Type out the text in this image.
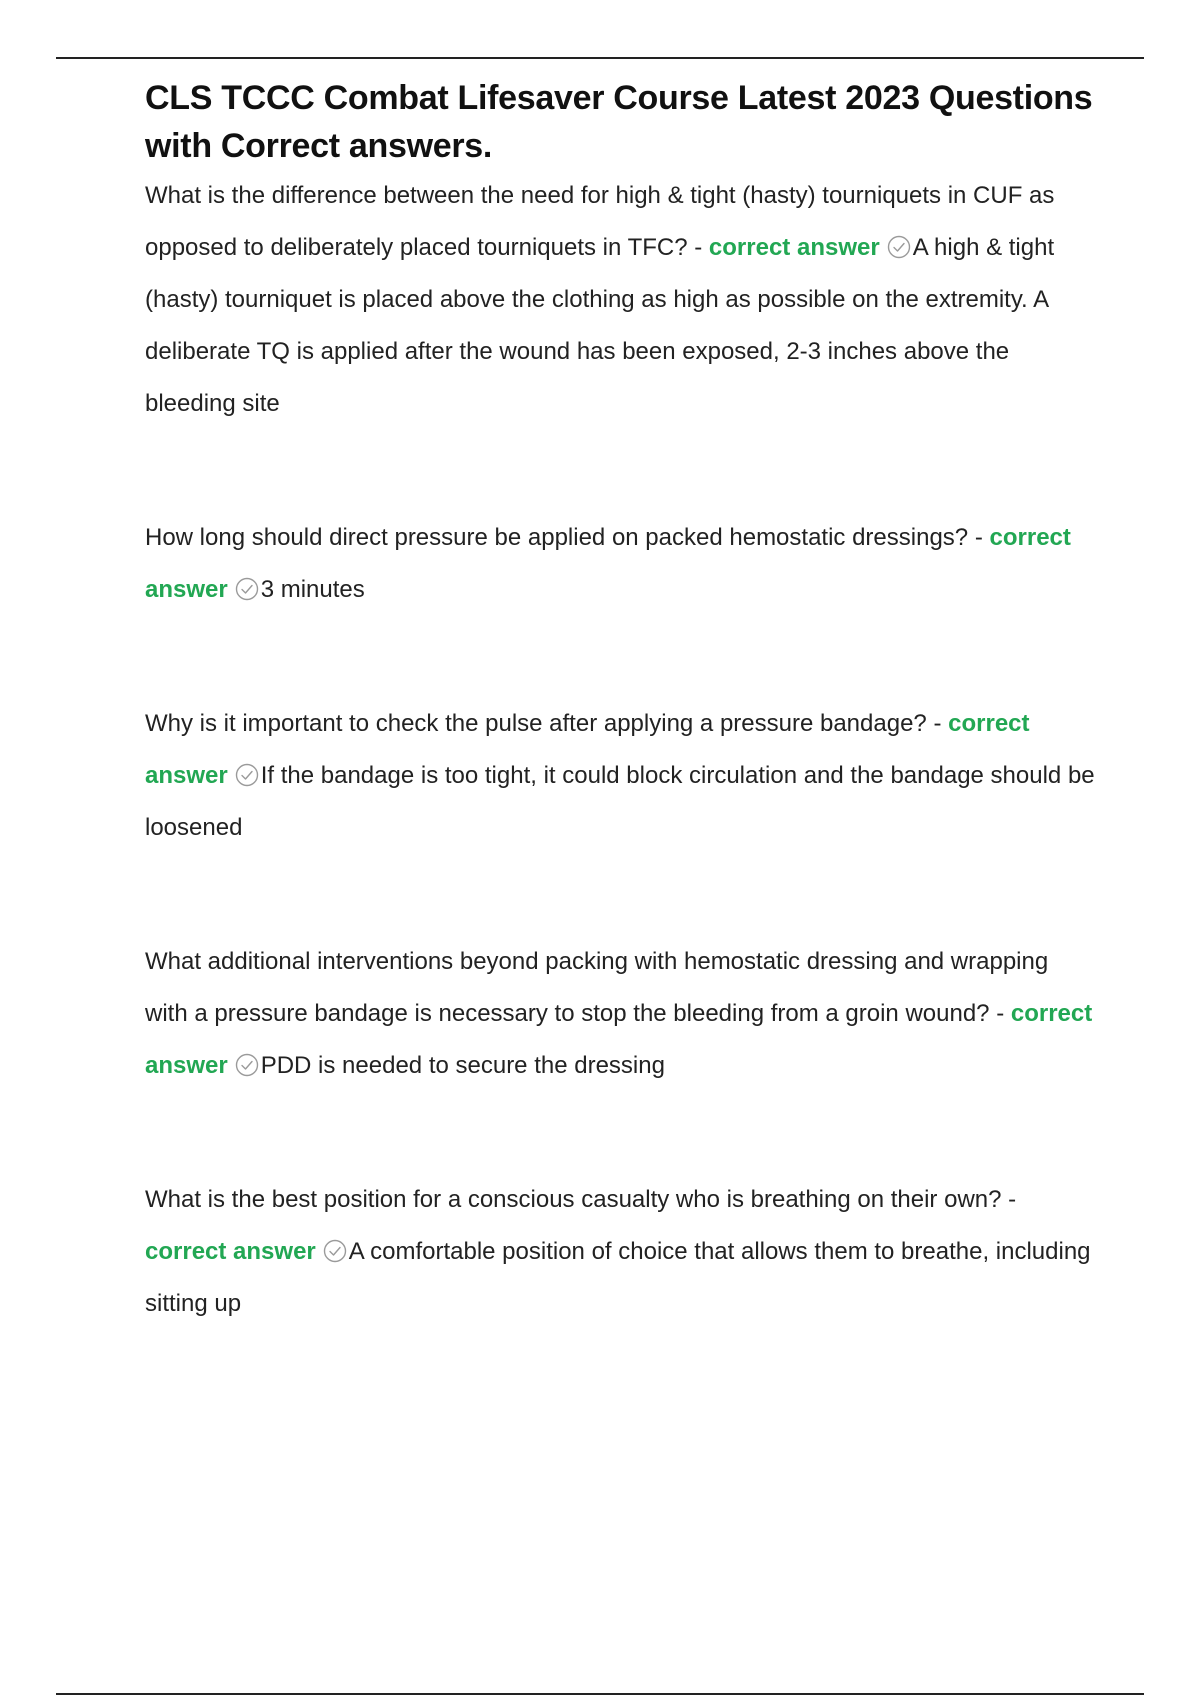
CLS TCCC Combat Lifesaver Course Latest 2023 Questions with Correct answers.

What is the difference between the need for high & tight (hasty) tourniquets in CUF as opposed to deliberately placed tourniquets in TFC? - correct answer A high & tight (hasty) tourniquet is placed above the clothing as high as possible on the extremity. A deliberate TQ is applied after the wound has been exposed, 2-3 inches above the bleeding site

How long should direct pressure be applied on packed hemostatic dressings? - correct answer 3 minutes

Why is it important to check the pulse after applying a pressure bandage? - correct answer If the bandage is too tight, it could block circulation and the bandage should be loosened

What additional interventions beyond packing with hemostatic dressing and wrapping with a pressure bandage is necessary to stop the bleeding from a groin wound? - correct answer PDD is needed to secure the dressing

What is the best position for a conscious casualty who is breathing on their own? - correct answer A comfortable position of choice that allows them to breathe, including sitting up
